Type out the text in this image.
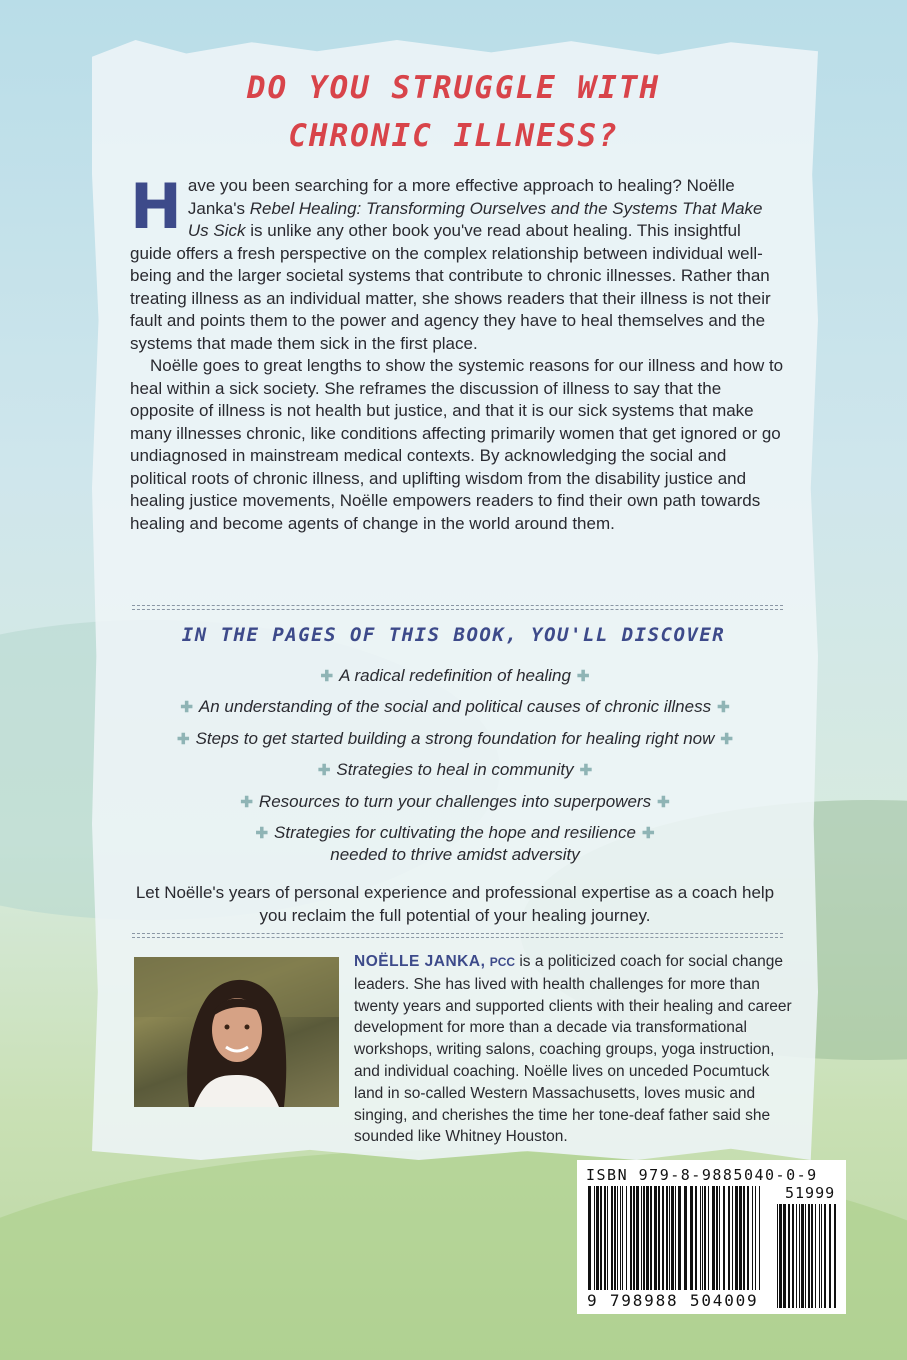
DO YOU STRUGGLE WITH
CHRONIC ILLNESS?

Have you been searching for a more effective approach to healing? Noëlle Janka's Rebel Healing: Transforming Ourselves and the Systems That Make Us Sick is unlike any other book you've read about healing. This insightful guide offers a fresh perspective on the complex relationship between individual well-being and the larger societal systems that contribute to chronic illnesses. Rather than treating illness as an individual matter, she shows readers that their illness is not their fault and points them to the power and agency they have to heal themselves and the systems that made them sick in the first place.

Noëlle goes to great lengths to show the systemic reasons for our illness and how to heal within a sick society. She reframes the discussion of illness to say that the opposite of illness is not health but justice, and that it is our sick systems that make many illnesses chronic, like conditions affecting primarily women that get ignored or go undiagnosed in mainstream medical contexts. By acknowledging the social and political roots of chronic illness, and uplifting wisdom from the disability justice and healing justice movements, Noëlle empowers readers to find their own path towards healing and become agents of change in the world around them.

IN THE PAGES OF THIS BOOK, YOU'LL DISCOVER
✚ A radical redefinition of healing ✚
✚ An understanding of the social and political causes of chronic illness ✚
✚ Steps to get started building a strong foundation for healing right now ✚
✚ Strategies to heal in community ✚
✚ Resources to turn your challenges into superpowers ✚
✚ Strategies for cultivating the hope and resilience ✚
needed to thrive amidst adversity
Let Noëlle's years of personal experience and professional expertise as a coach help you reclaim the full potential of your healing journey.
NOËLLE JANKA, PCC is a politicized coach for social change leaders. She has lived with health challenges for more than twenty years and supported clients with their healing and career development for more than a decade via transformational workshops, writing salons, coaching groups, yoga instruction, and individual coaching. Noëlle lives on unceded Pocumtuck land in so-called Western Massachusetts, loves music and singing, and cherishes the time her tone-deaf father said she sounded like Whitney Houston.
ISBN 979-8-9885040-0-9
51999
9 798988 504009
